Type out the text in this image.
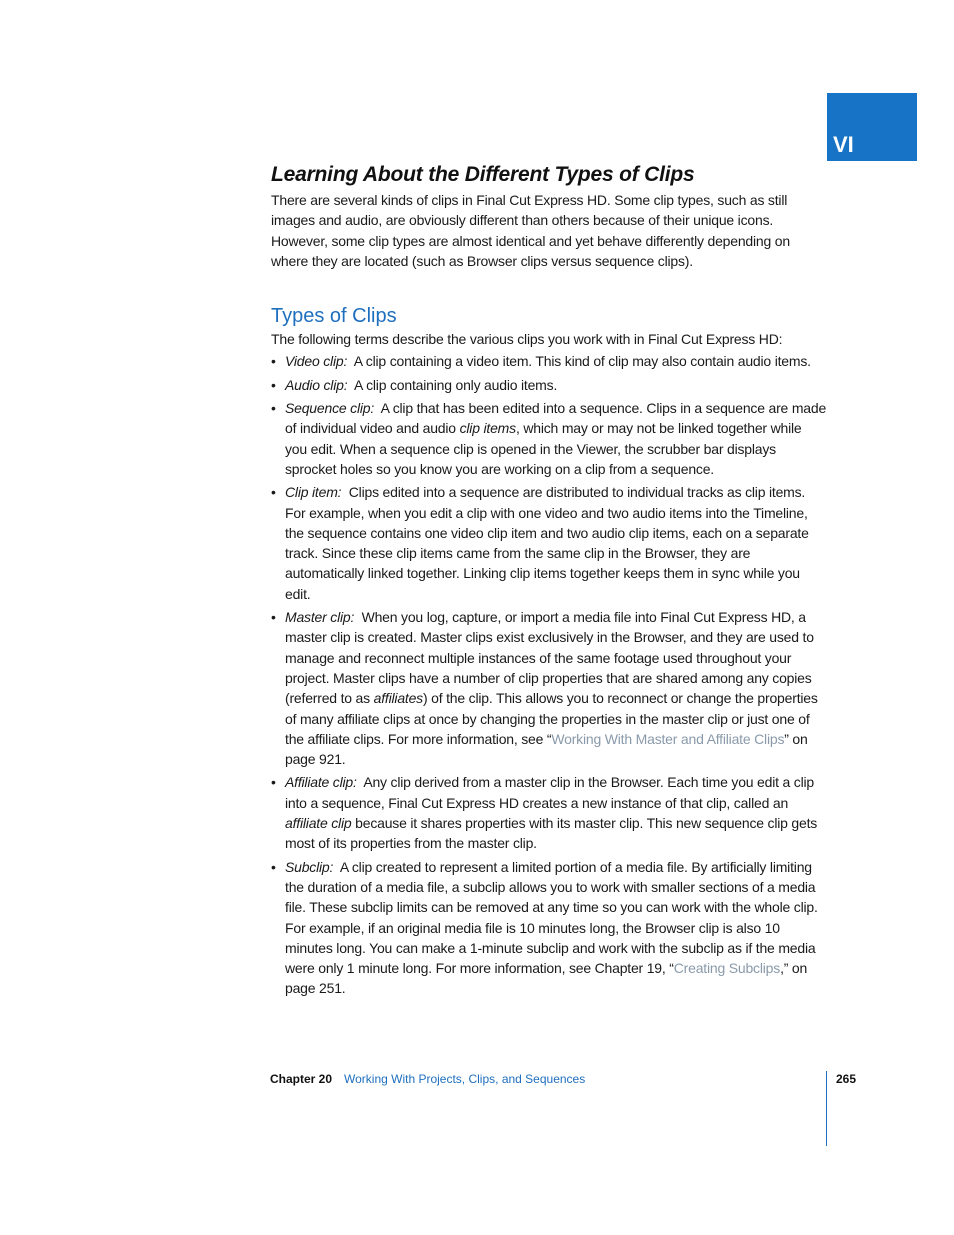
VI
Learning About the Different Types of Clips

There are several kinds of clips in Final Cut Express HD. Some clip types, such as still images and audio, are obviously different than others because of their unique icons. However, some clip types are almost identical and yet behave differently depending on where they are located (such as Browser clips versus sequence clips).

Types of Clips

The following terms describe the various clips you work with in Final Cut Express HD:

• Video clip: A clip containing a video item. This kind of clip may also contain audio items.
• Audio clip: A clip containing only audio items.
• Sequence clip: A clip that has been edited into a sequence. Clips in a sequence are made of individual video and audio clip items, which may or may not be linked together while you edit. When a sequence clip is opened in the Viewer, the scrubber bar displays sprocket holes so you know you are working on a clip from a sequence.
• Clip item: Clips edited into a sequence are distributed to individual tracks as clip items. For example, when you edit a clip with one video and two audio items into the Timeline, the sequence contains one video clip item and two audio clip items, each on a separate track. Since these clip items came from the same clip in the Browser, they are automatically linked together. Linking clip items together keeps them in sync while you edit.
• Master clip: When you log, capture, or import a media file into Final Cut Express HD, a master clip is created. Master clips exist exclusively in the Browser, and they are used to manage and reconnect multiple instances of the same footage used throughout your project. Master clips have a number of clip properties that are shared among any copies (referred to as affiliates) of the clip. This allows you to reconnect or change the properties of many affiliate clips at once by changing the properties in the master clip or just one of the affiliate clips. For more information, see “Working With Master and Affiliate Clips” on page 921.
• Affiliate clip: Any clip derived from a master clip in the Browser. Each time you edit a clip into a sequence, Final Cut Express HD creates a new instance of that clip, called an affiliate clip because it shares properties with its master clip. This new sequence clip gets most of its properties from the master clip.
• Subclip: A clip created to represent a limited portion of a media file. By artificially limiting the duration of a media file, a subclip allows you to work with smaller sections of a media file. These subclip limits can be removed at any time so you can work with the whole clip. For example, if an original media file is 10 minutes long, the Browser clip is also 10 minutes long. You can make a 1-minute subclip and work with the subclip as if the media were only 1 minute long. For more information, see Chapter 19, “Creating Subclips,” on page 251.
Chapter 20 Working With Projects, Clips, and Sequences	265
